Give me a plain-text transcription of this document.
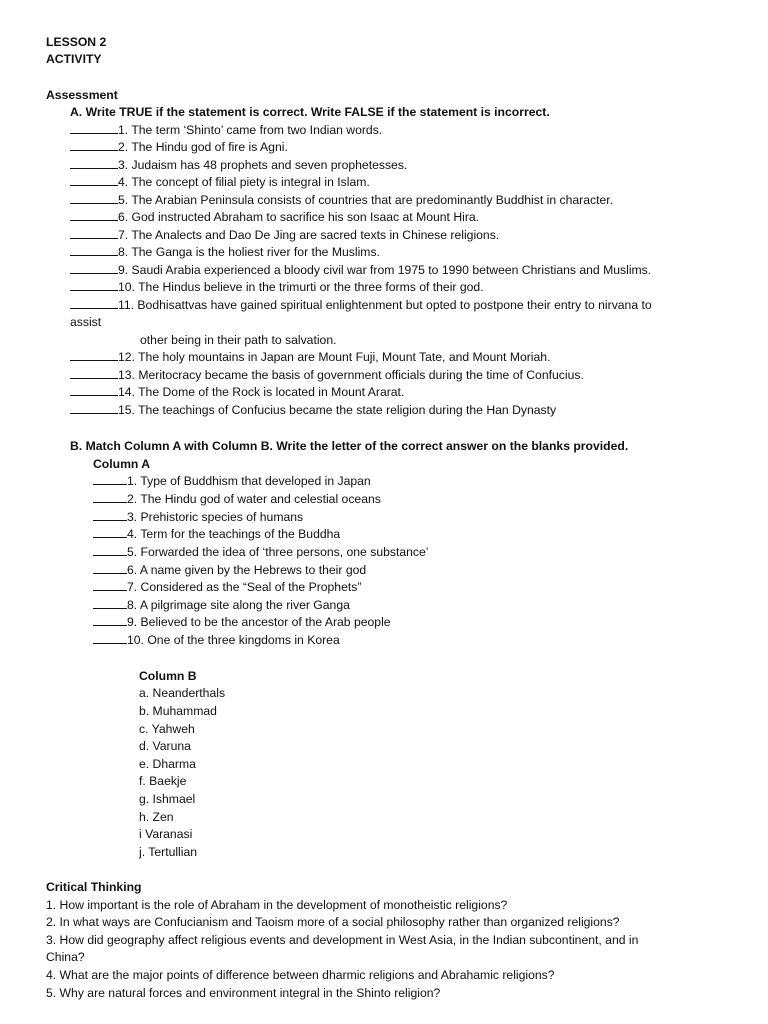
LESSON 2
ACTIVITY
Assessment
A. Write TRUE if the statement is correct. Write FALSE if the statement is incorrect.
1. The term ‘Shinto’ came from two Indian words.
2. The Hindu god of fire is Agni.
3. Judaism has 48 prophets and seven prophetesses.
4. The concept of filial piety is integral in Islam.
5. The Arabian Peninsula consists of countries that are predominantly Buddhist in character.
6. God instructed Abraham to sacrifice his son Isaac at Mount Hira.
7. The Analects and Dao De Jing are sacred texts in Chinese religions.
8. The Ganga is the holiest river for the Muslims.
9. Saudi Arabia experienced a bloody civil war from 1975 to 1990 between Christians and Muslims.
10. The Hindus believe in the trimurti or the three forms of their god.
11. Bodhisattvas have gained spiritual enlightenment but opted to postpone their entry to nirvana to
assist
other being in their path to salvation.
12. The holy mountains in Japan are Mount Fuji, Mount Tate, and Mount Moriah.
13. Meritocracy became the basis of government officials during the time of Confucius.
14. The Dome of the Rock is located in Mount Ararat.
15. The teachings of Confucius became the state religion during the Han Dynasty
B. Match Column A with Column B. Write the letter of the correct answer on the blanks provided.
Column A
1. Type of Buddhism that developed in Japan
2. The Hindu god of water and celestial oceans
3. Prehistoric species of humans
4. Term for the teachings of the Buddha
5. Forwarded the idea of ‘three persons, one substance’
6. A name given by the Hebrews to their god
7. Considered as the “Seal of the Prophets”
8. A pilgrimage site along the river Ganga
9. Believed to be the ancestor of the Arab people
10. One of the three kingdoms in Korea
Column B
a. Neanderthals
b. Muhammad
c. Yahweh
d. Varuna
e. Dharma
f. Baekje
g. Ishmael
h. Zen
i Varanasi
j. Tertullian
Critical Thinking
1. How important is the role of Abraham in the development of monotheistic religions?
2. In what ways are Confucianism and Taoism more of a social philosophy rather than organized religions?
3. How did geography affect religious events and development in West Asia, in the Indian subcontinent, and in
China?
4. What are the major points of difference between dharmic religions and Abrahamic religions?
5. Why are natural forces and environment integral in the Shinto religion?
